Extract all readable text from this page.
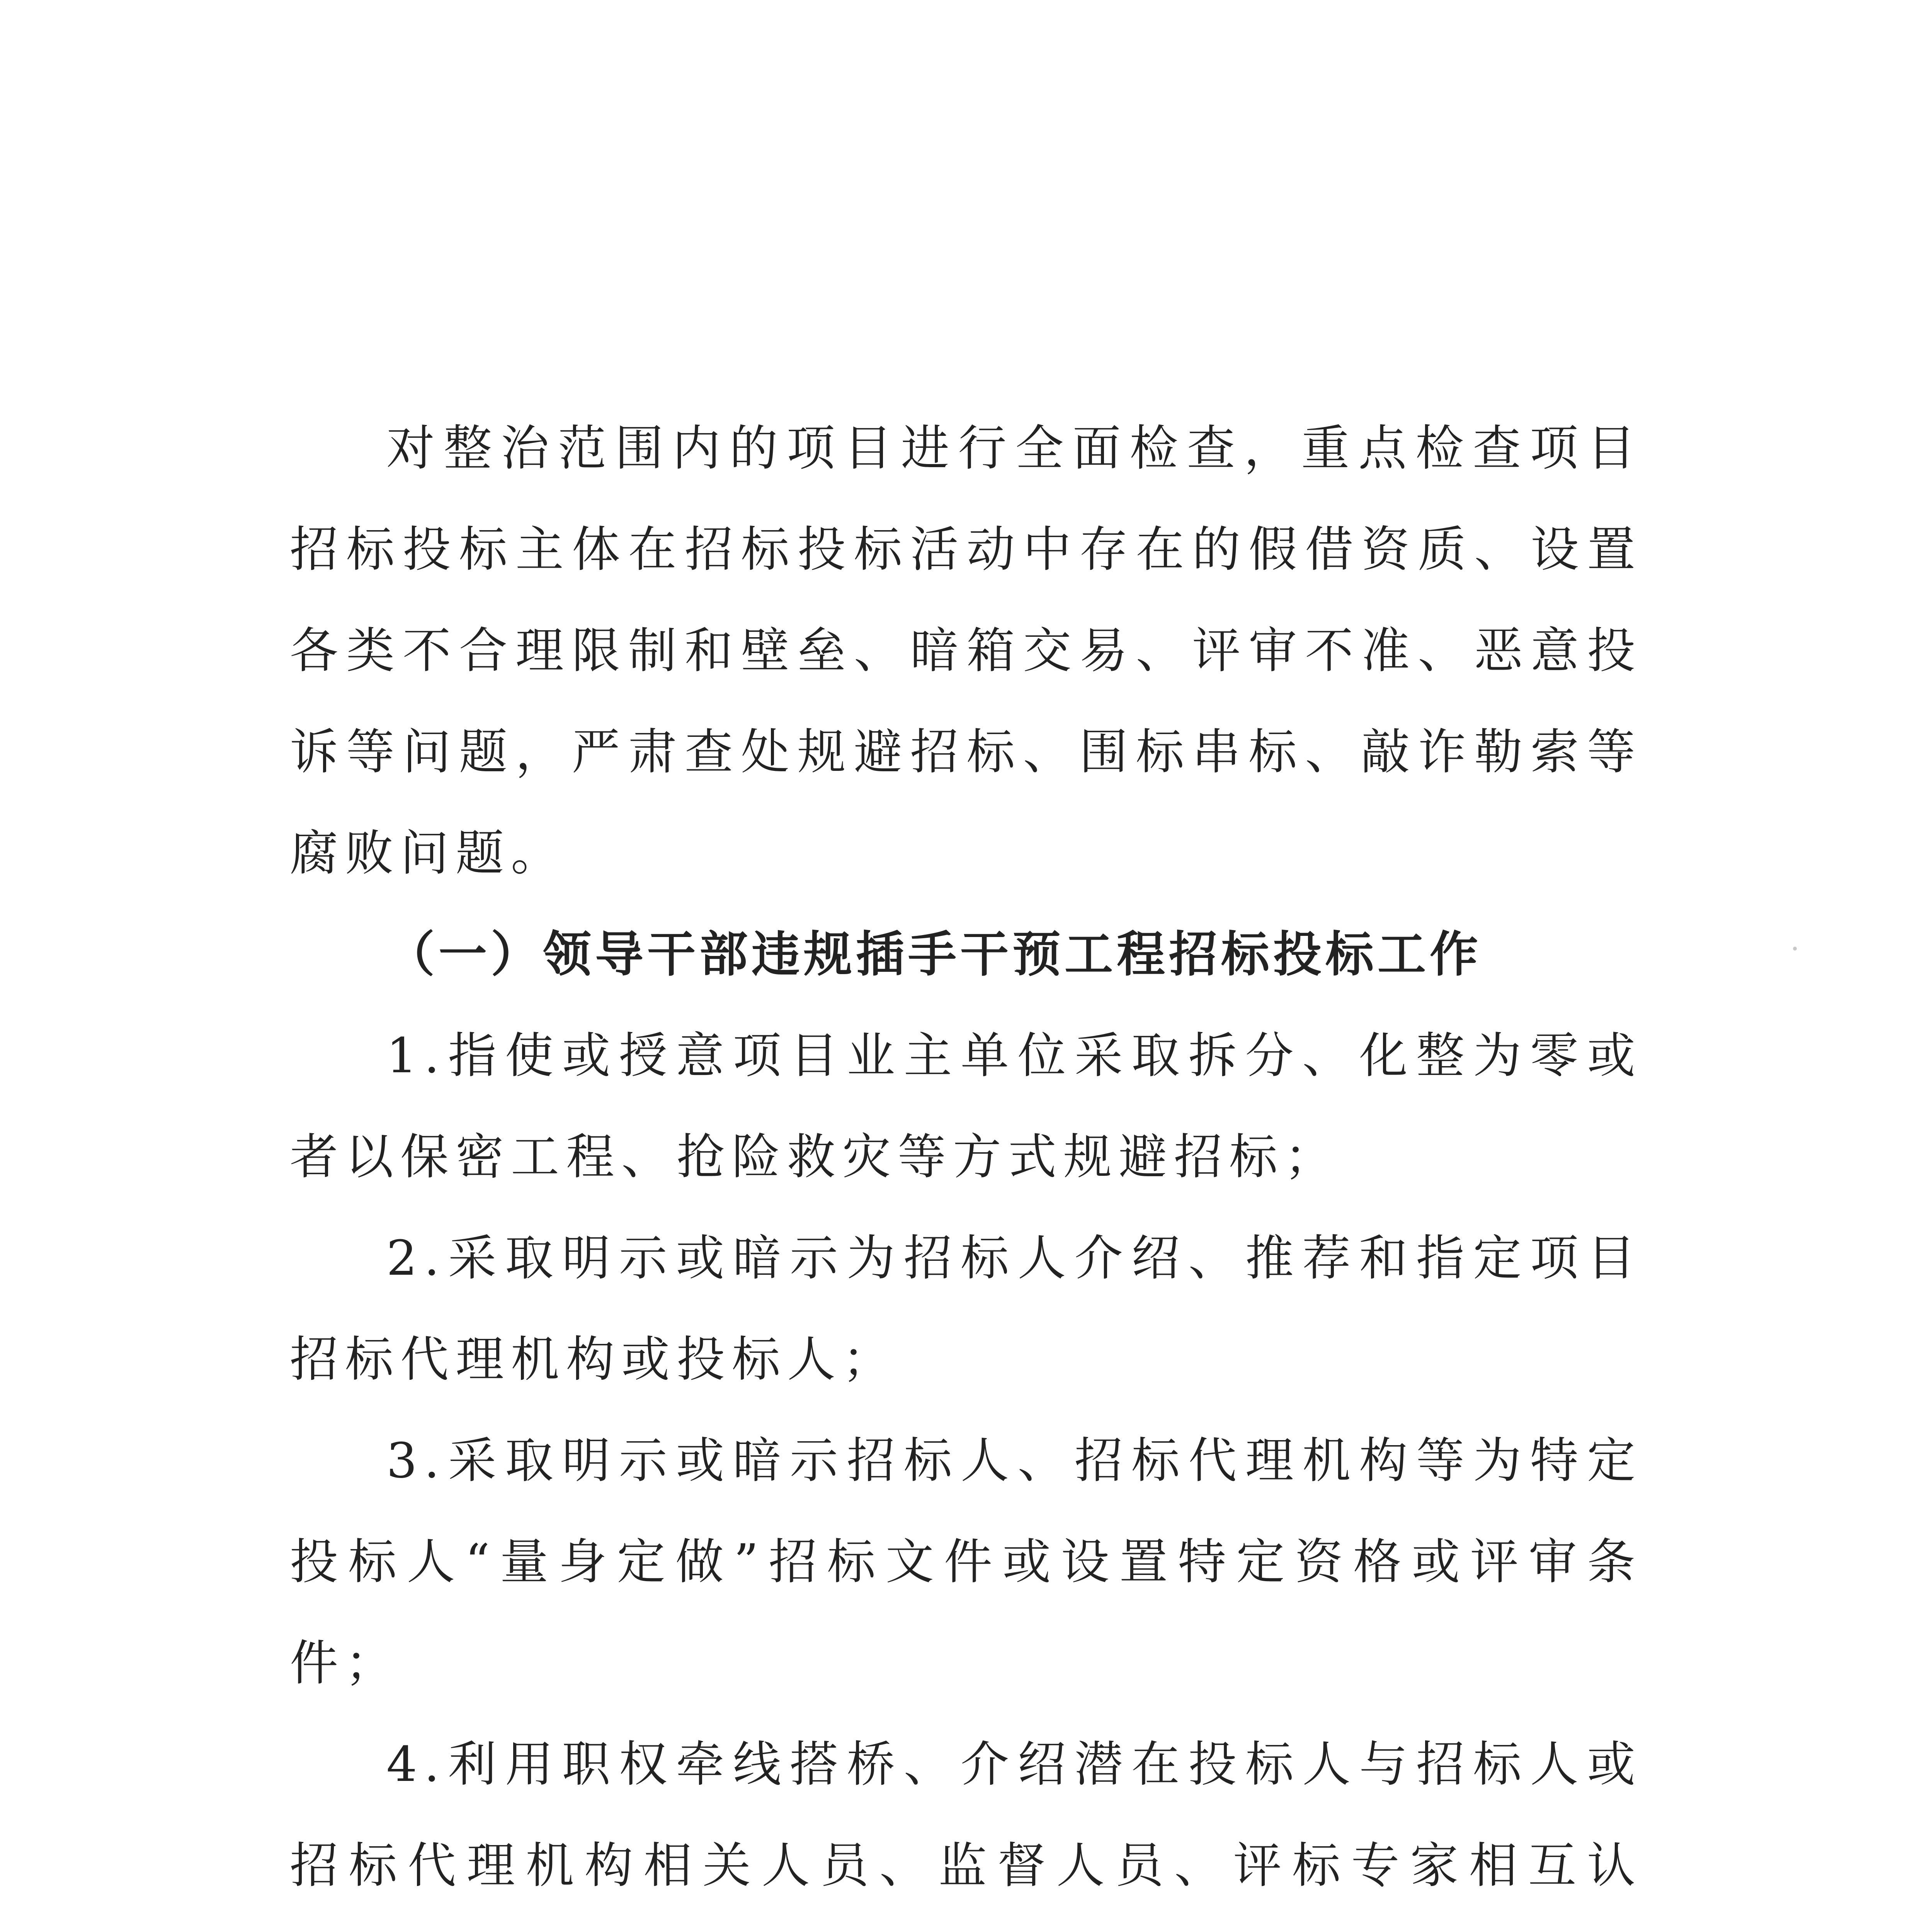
对整治范围内的项目进行全面检查，重点检查项目招标投标主体在招标投标活动中存在的假借资质、设置各类不合理限制和壁垒、暗箱交易、评审不准、恶意投诉等问题，严肃查处规避招标、围标串标、敲诈勒索等腐败问题。

（一）领导干部违规插手干预工程招标投标工作

1.指使或授意项目业主单位采取拆分、化整为零或者以保密工程、抢险救灾等方式规避招标；

2.采取明示或暗示为招标人介绍、推荐和指定项目招标代理机构或投标人；

3.采取明示或暗示招标人、招标代理机构等为特定投标人“量身定做”招标文件或设置特定资格或评审条件；

4.利用职权牵线搭桥、介绍潜在投标人与招标人或招标代理机构相关人员、监督人员、评标专家相互认
